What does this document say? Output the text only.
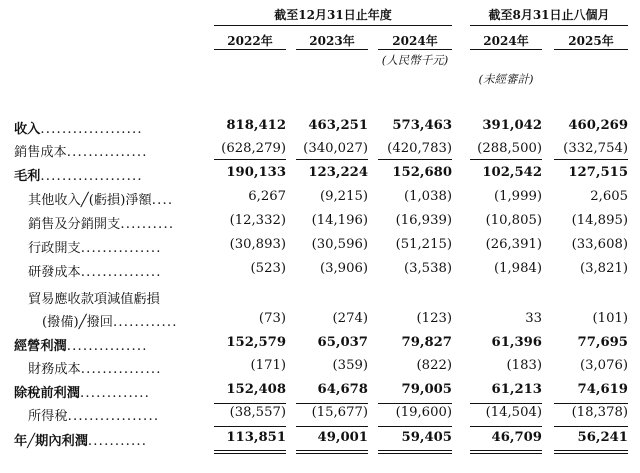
截至12月31日止年度	截至8月31日止八個月
2022年	2023年	2024年	2024年	2025年
(人民幣千元)
(未經審計)
收入...................	818,412 463,251 573,463 391,042 460,269
銷售成本...............	(628,279) (340,027) (420,783) (288,500) (332,754)
毛利...................	190,133 123,224 152,680 102,542 127,515
其他收入╱(虧損)淨額....	6,267	(9,215)	(1,038)	(1,999)	2,605
銷售及分銷開支..........	(12,332) (14,196) (16,939)	(10,805) (14,895)
行政開支...............	(30,893) (30,596) (51,215)	(26,391) (33,608)
研發成本...............	(523)	(3,906)	(3,538)	(1,984)	(3,821)
貿易應收款項減值虧損
(撥備)╱撥回............	(73)	(274)	(123)	33	(101)
經營利潤...............	152,579 65,037	79,827	61,396	77,695
財務成本...............	(171)	(359)	(822)	(183)	(3,076)
除稅前利潤.............	152,408 64,678	79,005	61,213	74,619
所得稅.................	(38,557) (15,677) (19,600)	(14,504) (18,378)
年╱期內利潤...........	113,851 49,001	59,405	46,709	56,241
